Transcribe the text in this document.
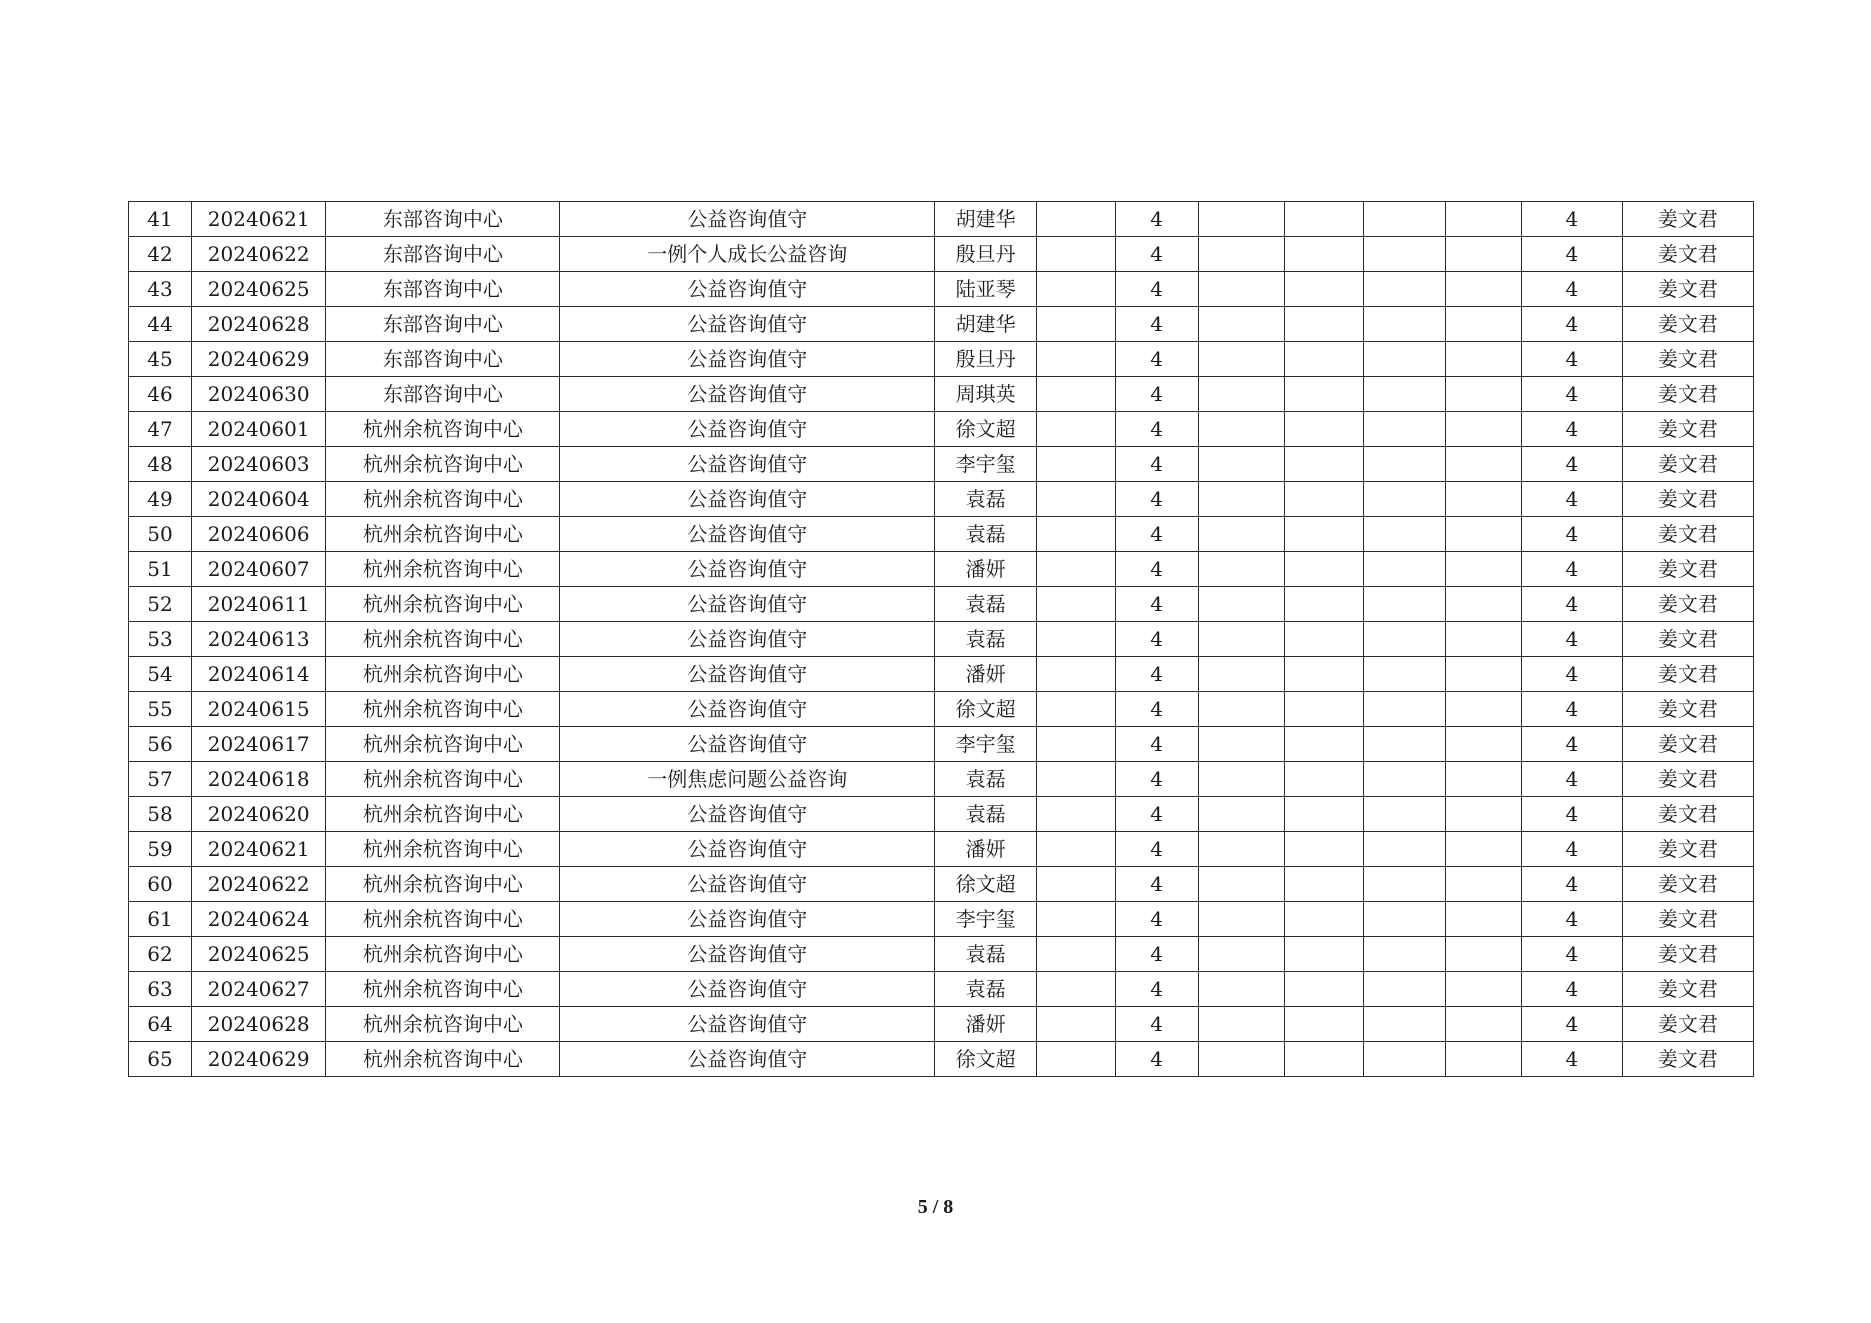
41	20240621	东部咨询中心	公益咨询值守	胡建华		4					4	姜文君
42	20240622	东部咨询中心	一例个人成长公益咨询	殷旦丹		4					4	姜文君
43	20240625	东部咨询中心	公益咨询值守	陆亚琴		4					4	姜文君
44	20240628	东部咨询中心	公益咨询值守	胡建华		4					4	姜文君
45	20240629	东部咨询中心	公益咨询值守	殷旦丹		4					4	姜文君
46	20240630	东部咨询中心	公益咨询值守	周琪英		4					4	姜文君
47	20240601	杭州余杭咨询中心	公益咨询值守	徐文超		4					4	姜文君
48	20240603	杭州余杭咨询中心	公益咨询值守	李宇玺		4					4	姜文君
49	20240604	杭州余杭咨询中心	公益咨询值守	袁磊		4					4	姜文君
50	20240606	杭州余杭咨询中心	公益咨询值守	袁磊		4					4	姜文君
51	20240607	杭州余杭咨询中心	公益咨询值守	潘妍		4					4	姜文君
52	20240611	杭州余杭咨询中心	公益咨询值守	袁磊		4					4	姜文君
53	20240613	杭州余杭咨询中心	公益咨询值守	袁磊		4					4	姜文君
54	20240614	杭州余杭咨询中心	公益咨询值守	潘妍		4					4	姜文君
55	20240615	杭州余杭咨询中心	公益咨询值守	徐文超		4					4	姜文君
56	20240617	杭州余杭咨询中心	公益咨询值守	李宇玺		4					4	姜文君
57	20240618	杭州余杭咨询中心	一例焦虑问题公益咨询	袁磊		4					4	姜文君
58	20240620	杭州余杭咨询中心	公益咨询值守	袁磊		4					4	姜文君
59	20240621	杭州余杭咨询中心	公益咨询值守	潘妍		4					4	姜文君
60	20240622	杭州余杭咨询中心	公益咨询值守	徐文超		4					4	姜文君
61	20240624	杭州余杭咨询中心	公益咨询值守	李宇玺		4					4	姜文君
62	20240625	杭州余杭咨询中心	公益咨询值守	袁磊		4					4	姜文君
63	20240627	杭州余杭咨询中心	公益咨询值守	袁磊		4					4	姜文君
64	20240628	杭州余杭咨询中心	公益咨询值守	潘妍		4					4	姜文君
65	20240629	杭州余杭咨询中心	公益咨询值守	徐文超		4					4	姜文君
5 / 8
